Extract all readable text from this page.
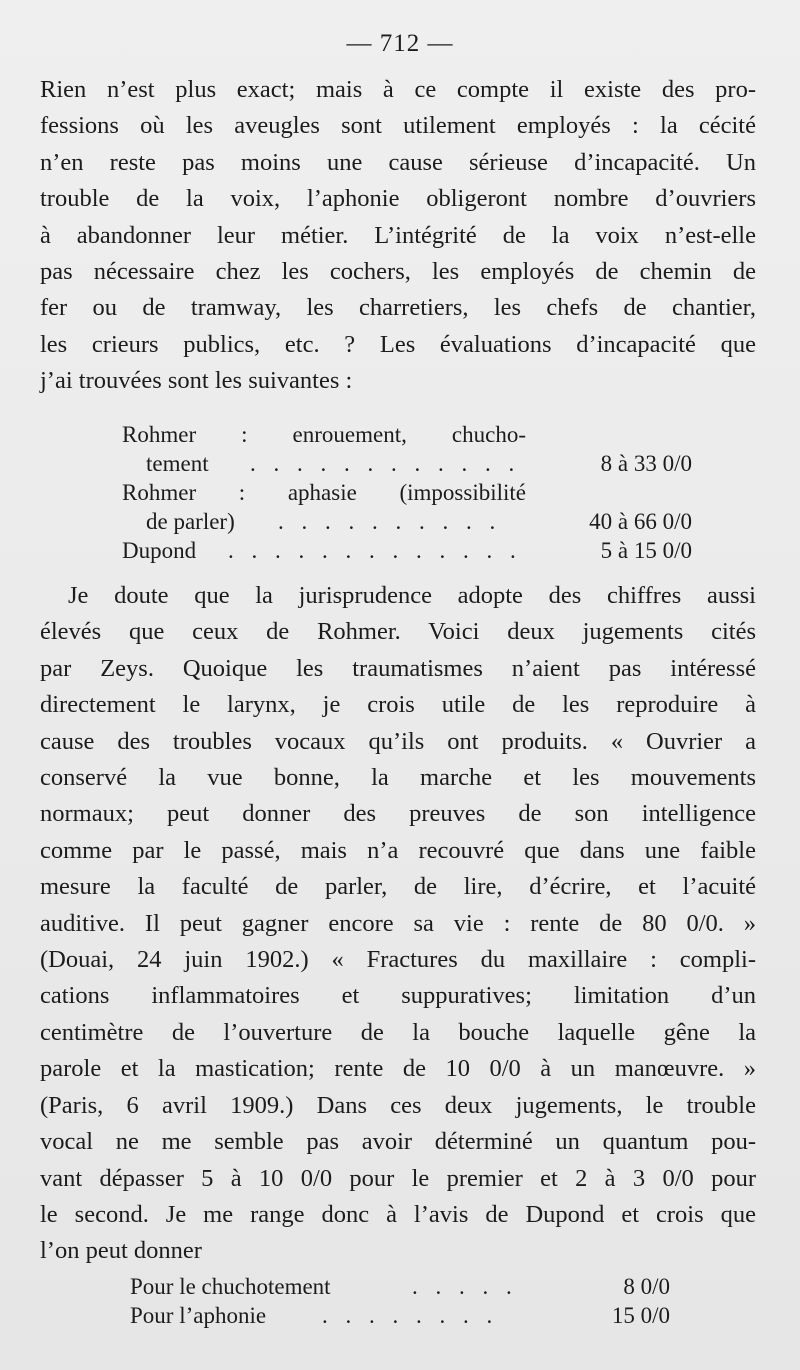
— 712 —

Rien n’est plus exact; mais à ce compte il existe des pro-
fessions où les aveugles sont utilement employés : la cécité
n’en reste pas moins une cause sérieuse d’incapacité. Un
trouble de la voix, l’aphonie obligeront nombre d’ouvriers
à abandonner leur métier. L’intégrité de la voix n’est-elle
pas nécessaire chez les cochers, les employés de chemin de
fer ou de tramway, les charretiers, les chefs de chantier,
les crieurs publics, etc. ? Les évaluations d’incapacité que
j’ai trouvées sont les suivantes :

Rohmer : enrouement, chucho-
tement . . . . . . . . . . . .	8 à 33 0/0
Rohmer : aphasie (impossibilité
de parler) . . . . . . . . . .	40 à 66 0/0
Dupond . . . . . . . . . . . . .	5 à 15 0/0

Je doute que la jurisprudence adopte des chiffres aussi
élevés que ceux de Rohmer. Voici deux jugements cités
par Zeys. Quoique les traumatismes n’aient pas intéressé
directement le larynx, je crois utile de les reproduire à
cause des troubles vocaux qu’ils ont produits. « Ouvrier a
conservé la vue bonne, la marche et les mouvements
normaux; peut donner des preuves de son intelligence
comme par le passé, mais n’a recouvré que dans une faible
mesure la faculté de parler, de lire, d’écrire, et l’acuité
auditive. Il peut gagner encore sa vie : rente de 80 0/0. »
(Douai, 24 juin 1902.) « Fractures du maxillaire : compli-
cations inflammatoires et suppuratives; limitation d’un
centimètre de l’ouverture de la bouche laquelle gêne la
parole et la mastication; rente de 10 0/0 à un manœuvre. »
(Paris, 6 avril 1909.) Dans ces deux jugements, le trouble
vocal ne me semble pas avoir déterminé un quantum pou-
vant dépasser 5 à 10 0/0 pour le premier et 2 à 3 0/0 pour
le second. Je me range donc à l’avis de Dupond et crois que
l’on peut donner

Pour le chuchotement	. . . . .	8 0/0
Pour l’aphonie . . . . . . . .	15 0/0
